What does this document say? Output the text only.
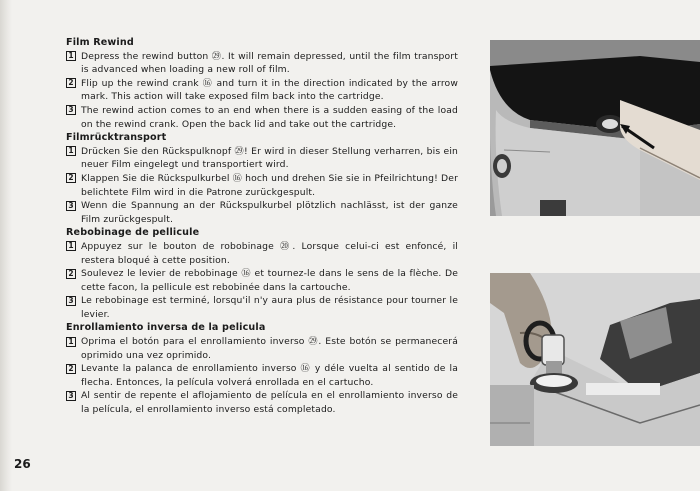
Film Rewind
1 Depress the rewind button ㉙. It will remain depressed, until the film transport is advanced when loading a new roll of film.
2 Flip up the rewind crank ⑯ and turn it in the direction indicated by the arrow mark. This action will take exposed film back into the cartridge.
3 The rewind action comes to an end when there is a sudden easing of the load on the rewind crank. Open the back lid and take out the cartridge.
Filmrücktransport
1 Drücken Sie den Rückspulknopf ㉙! Er wird in dieser Stellung verharren, bis ein neuer Film eingelegt und transportiert wird.
2 Klappen Sie die Rückspulkurbel ⑯ hoch und drehen Sie sie in Pfeilrichtung! Der belichtete Film wird in die Patrone zurückgespult.
3 Wenn die Spannung an der Rückspulkurbel plötzlich nachlässt, ist der ganze Film zurückgespult.
Rebobinage de pellicule
1 Appuyez sur le bouton de robobinage ⑳. Lorsque celui-ci est enfoncé, il restera bloqué à cette position.
2 Soulevez le levier de rebobinage ⑯ et tournez-le dans le sens de la flèche. De cette facon, la pellicule est rebobinée dans la cartouche.
3 Le rebobinage est terminé, lorsqu'il n'y aura plus de résistance pour tourner le levier.
Enrollamiento inversa de la pelicula
1 Oprima el botón para el enrollamiento inverso ㉙. Este botón se permanecerá oprimido una vez oprimido.
2 Levante la palanca de enrollamiento inverso ⑯ y déle vuelta al sentido de la flecha. Entonces, la película volverá enrollada en el cartucho.
3 Al sentir de repente el aflojamiento de película en el enrollamiento inverso de la película, el enrollamiento inverso está completado.
26
